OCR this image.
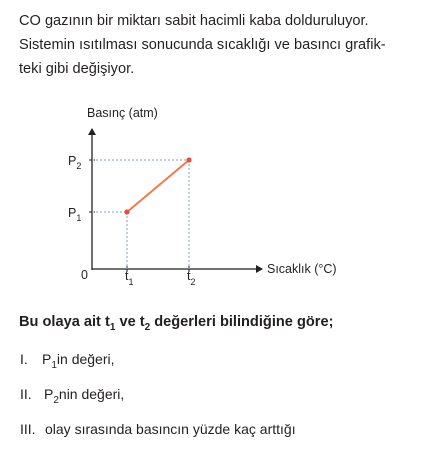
CO gazının bir miktarı sabit hacimli kaba dolduruluyor.
Sistemin ısıtılması sonucunda sıcaklığı ve basıncı grafik-
teki gibi değişiyor.
Basınç (atm)
Sıcaklık (°C)
0
$P_2$
$P_1$
$t_1$	$t_2$

Bu olaya ait $t_1$ ve $t_2$ değerleri bilindiğine göre;

I. $P_1in$ değeri,

II. $P_2nin$ değeri,

III. olay sırasında basıncın yüzde kaç arttığı
